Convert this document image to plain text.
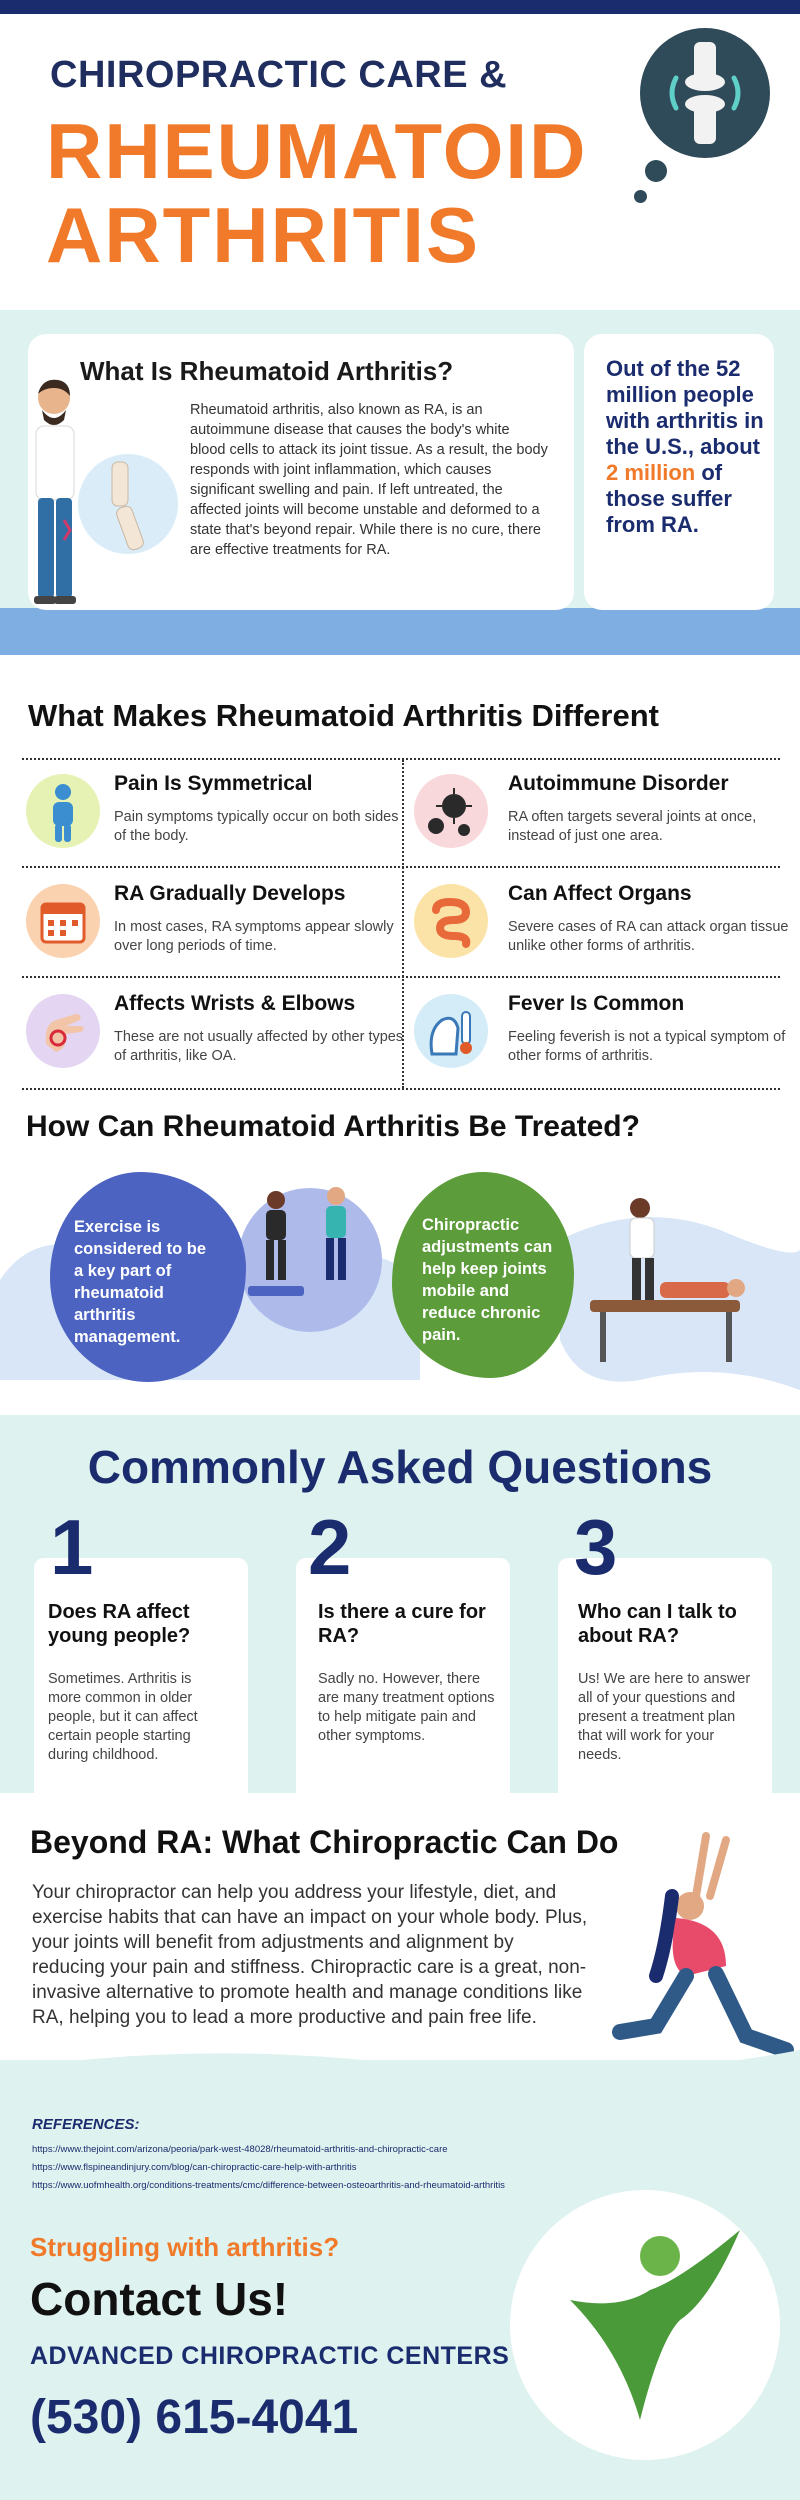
CHIROPRACTIC CARE &
RHEUMATOID
ARTHRITIS
What Is Rheumatoid Arthritis?
Rheumatoid arthritis, also known as RA, is an autoimmune disease that causes the body's white blood cells to attack its joint tissue. As a result, the body responds with joint inflammation, which causes significant swelling and pain. If left untreated, the affected joints will become unstable and deformed to a state that's beyond repair. While there is no cure, there are effective treatments for RA.
Out of the 52 million people with arthritis in the U.S., about 2 million of those suffer from RA.
What Makes Rheumatoid Arthritis Different
Pain Is Symmetrical
Pain symptoms typically occur on both sides of the body.
Autoimmune Disorder
RA often targets several joints at once, instead of just one area.
RA Gradually Develops
In most cases, RA symptoms appear slowly over long periods of time.
Can Affect Organs
Severe cases of RA can attack organ tissue unlike other forms of arthritis.
Affects Wrists & Elbows
These are not usually affected by other types of arthritis, like OA.
Fever Is Common
Feeling feverish is not a typical symptom of other forms of arthritis.
How Can Rheumatoid Arthritis Be Treated?
Exercise is considered to be a key part of rheumatoid arthritis management.
Chiropractic adjustments can help keep joints mobile and reduce chronic pain.
Commonly Asked Questions
1
Does RA affect young people?
Sometimes. Arthritis is more common in older people, but it can affect certain people starting during childhood.
2
Is there a cure for RA?
Sadly no. However, there are many treatment options to help mitigate pain and other symptoms.
3
Who can I talk to about RA?
Us! We are here to answer all of your questions and present a treatment plan that will work for your needs.
Beyond RA: What Chiropractic Can Do
Your chiropractor can help you address your lifestyle, diet, and exercise habits that can have an impact on your whole body. Plus, your joints will benefit from adjustments and alignment by reducing your pain and stiffness. Chiropractic care is a great, non-invasive alternative to promote health and manage conditions like RA, helping you to lead a more productive and pain free life.
REFERENCES:
https://www.thejoint.com/arizona/peoria/park-west-48028/rheumatoid-arthritis-and-chiropractic-care
https://www.flspineandinjury.com/blog/can-chiropractic-care-help-with-arthritis
https://www.uofmhealth.org/conditions-treatments/cmc/difference-between-osteoarthritis-and-rheumatoid-arthritis
Struggling with arthritis?
Contact Us!
ADVANCED CHIROPRACTIC CENTERS
(530) 615-4041
